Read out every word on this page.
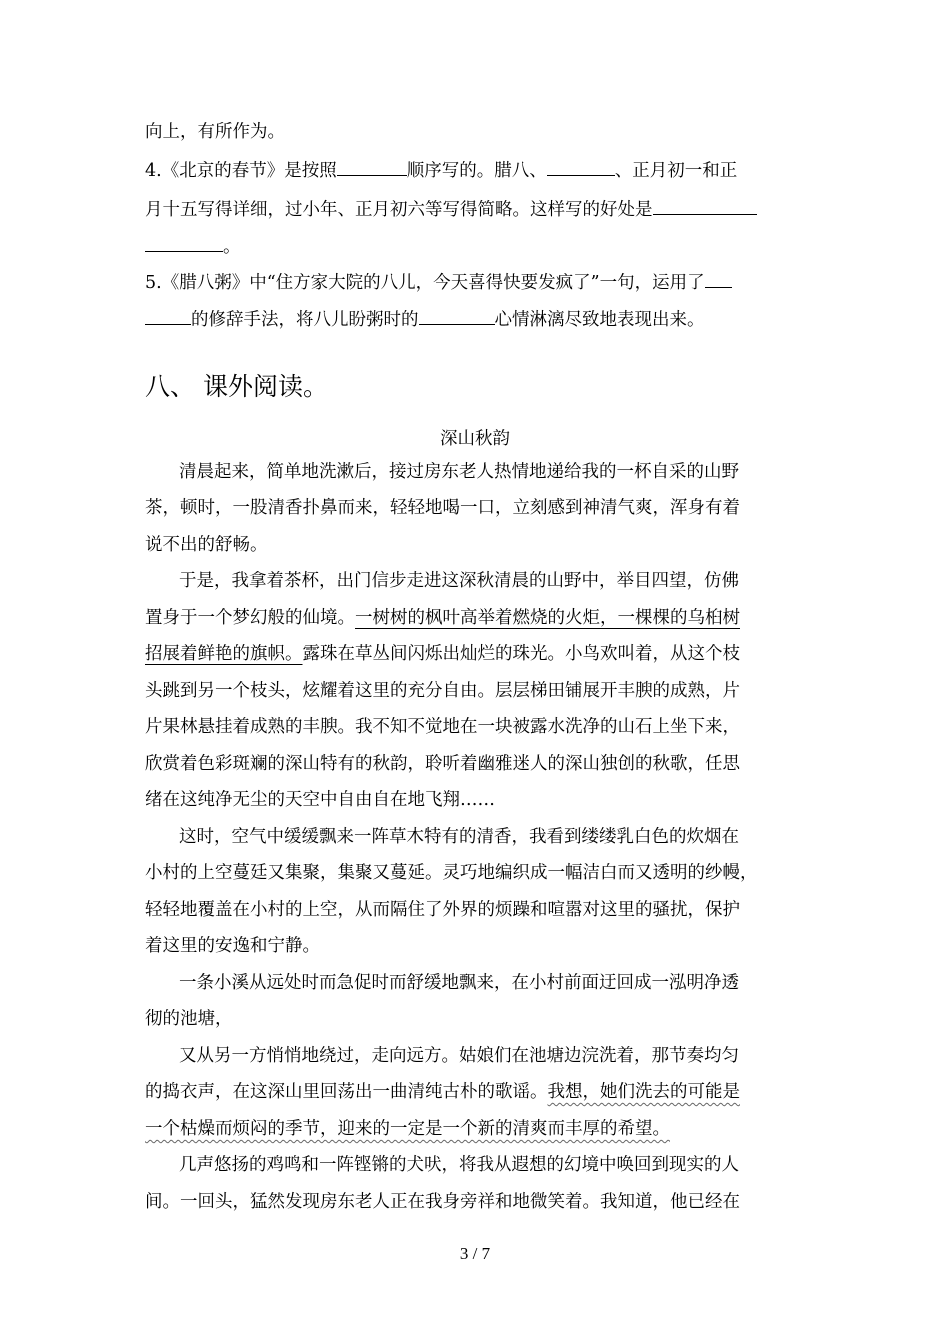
向上，有所作为。
4.《北京的春节》是按照	顺序写的。腊八、	、正月初一和正
月十五写得详细，过小年、正月初六等写得简略。这样写的好处是
。
5.《腊八粥》中“住方家大院的八儿，今天喜得快要发疯了”一句，运用了
的修辞手法，将八儿盼粥时的	心情淋漓尽致地表现出来。
八、 课外阅读。
深山秋韵
清晨起来，简单地洗漱后，接过房东老人热情地递给我的一杯自采的山野
茶，顿时，一股清香扑鼻而来，轻轻地喝一口，立刻感到神清气爽，浑身有着
说不出的舒畅。
于是，我拿着茶杯，出门信步走进这深秋清晨的山野中，举目四望，仿佛
置身于一个梦幻般的仙境。一树树的枫叶高举着燃烧的火炬，一棵棵的乌桕树
招展着鲜艳的旗帜。露珠在草丛间闪烁出灿烂的珠光。小鸟欢叫着，从这个枝
头跳到另一个枝头，炫耀着这里的充分自由。层层梯田铺展开丰腴的成熟，片
片果林悬挂着成熟的丰腴。我不知不觉地在一块被露水洗净的山石上坐下来，
欣赏着色彩斑斓的深山特有的秋韵，聆听着幽雅迷人的深山独创的秋歌，任思
绪在这纯净无尘的天空中自由自在地飞翔……
这时，空气中缓缓飘来一阵草木特有的清香，我看到缕缕乳白色的炊烟在
小村的上空蔓廷又集聚，集聚又蔓延。灵巧地编织成一幅洁白而又透明的纱幔，
轻轻地覆盖在小村的上空，从而隔住了外界的烦躁和喧嚣对这里的骚扰，保护
着这里的安逸和宁静。
一条小溪从远处时而急促时而舒缓地飘来，在小村前面迂回成一泓明净透
彻的池塘，
又从另一方悄悄地绕过，走向远方。姑娘们在池塘边浣洗着，那节奏均匀
的捣衣声，在这深山里回荡出一曲清纯古朴的歌谣。我想，她们洗去的可能是
一个枯燥而烦闷的季节，迎来的一定是一个新的清爽而丰厚的希望。
几声悠扬的鸡鸣和一阵铿锵的犬吠，将我从遐想的幻境中唤回到现实的人
间。一回头，猛然发现房东老人正在我身旁祥和地微笑着。我知道，他已经在
3 / 7
